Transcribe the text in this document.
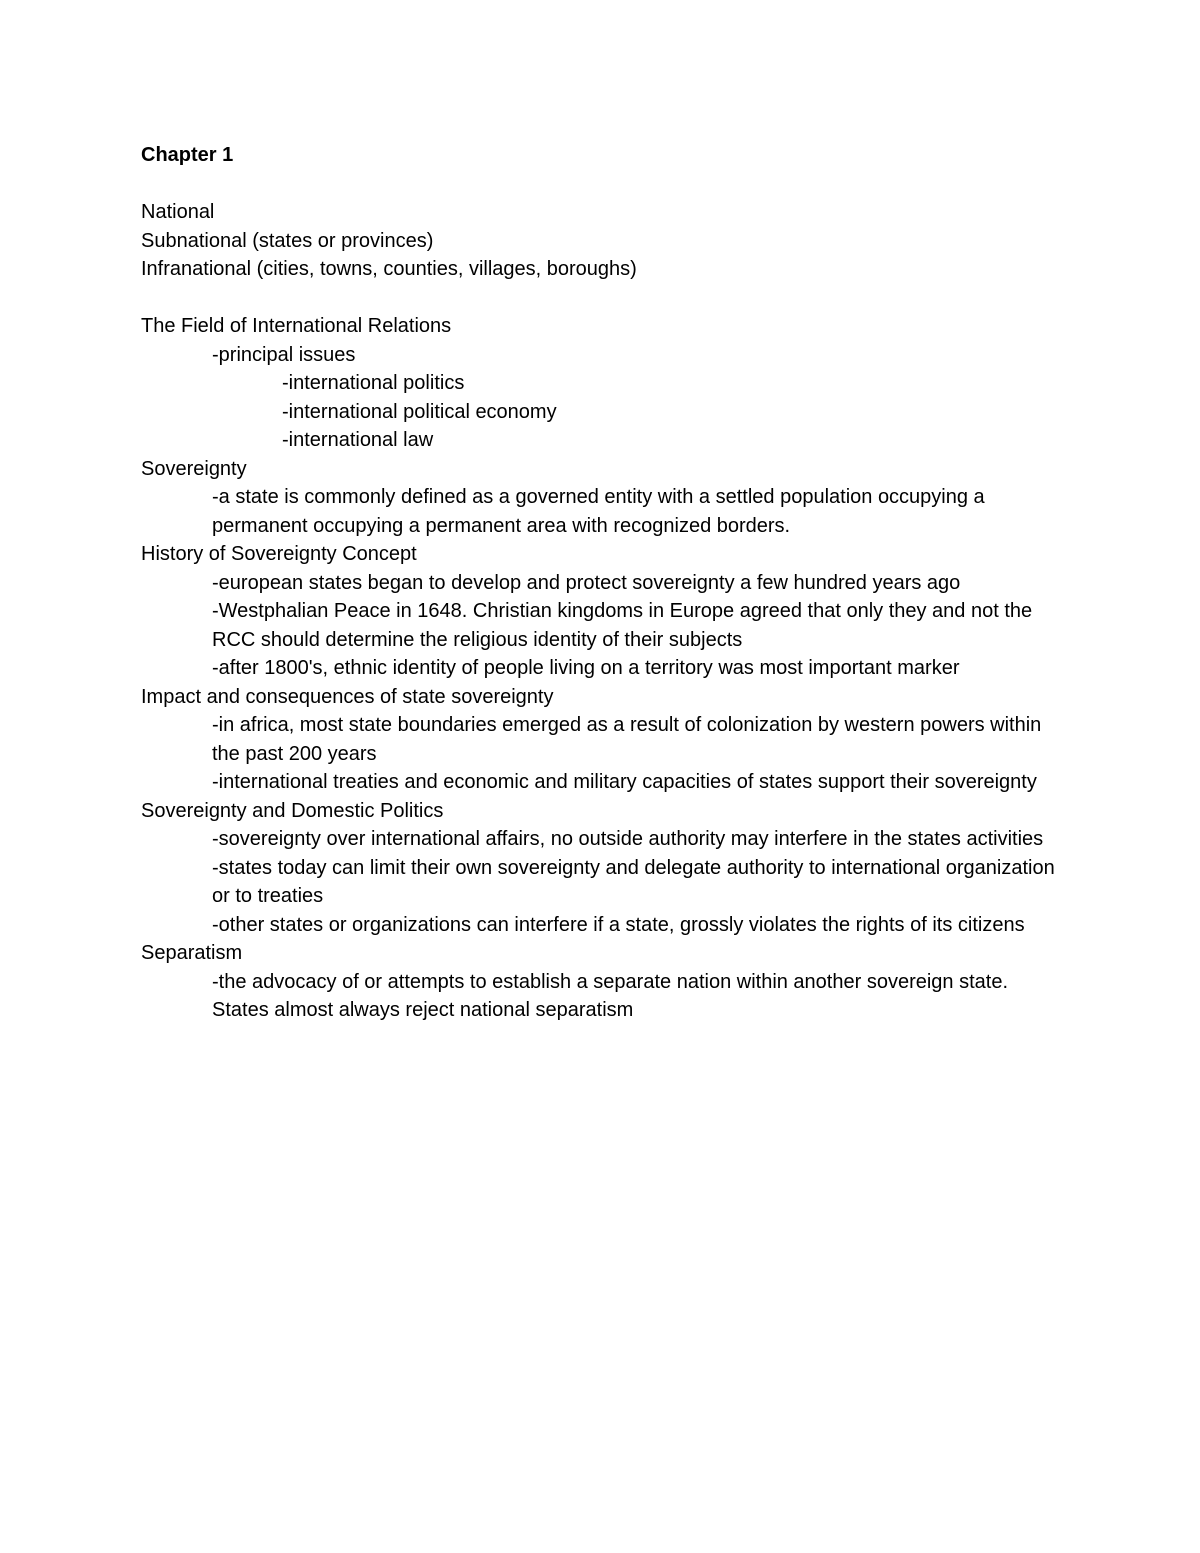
Chapter 1
National
Subnational (states or provinces)
Infranational (cities, towns, counties, villages, boroughs)
The Field of International Relations
-principal issues
-international politics
-international political economy
-international law
Sovereignty
-a state is commonly defined as a governed entity with a settled population occupying a permanent occupying a permanent area with recognized borders.
History of Sovereignty Concept
-european states began to develop and protect sovereignty a few hundred years ago
-Westphalian Peace in 1648. Christian kingdoms in Europe agreed that only they and not the RCC should determine the religious identity of their subjects
-after 1800's, ethnic identity of people living on a territory was most important marker
Impact and consequences of state sovereignty
-in africa, most state boundaries emerged as a result of colonization by western powers within the past 200 years
-international treaties and economic and military capacities of states support their sovereignty
Sovereignty and Domestic Politics
-sovereignty over international affairs, no outside authority may interfere in the states activities
-states today can limit their own sovereignty and delegate authority to international organization or to treaties
-other states or organizations can interfere if a state, grossly violates the rights of its citizens
Separatism
-the advocacy of or attempts to establish a separate nation within another sovereign state. States almost always reject national separatism
